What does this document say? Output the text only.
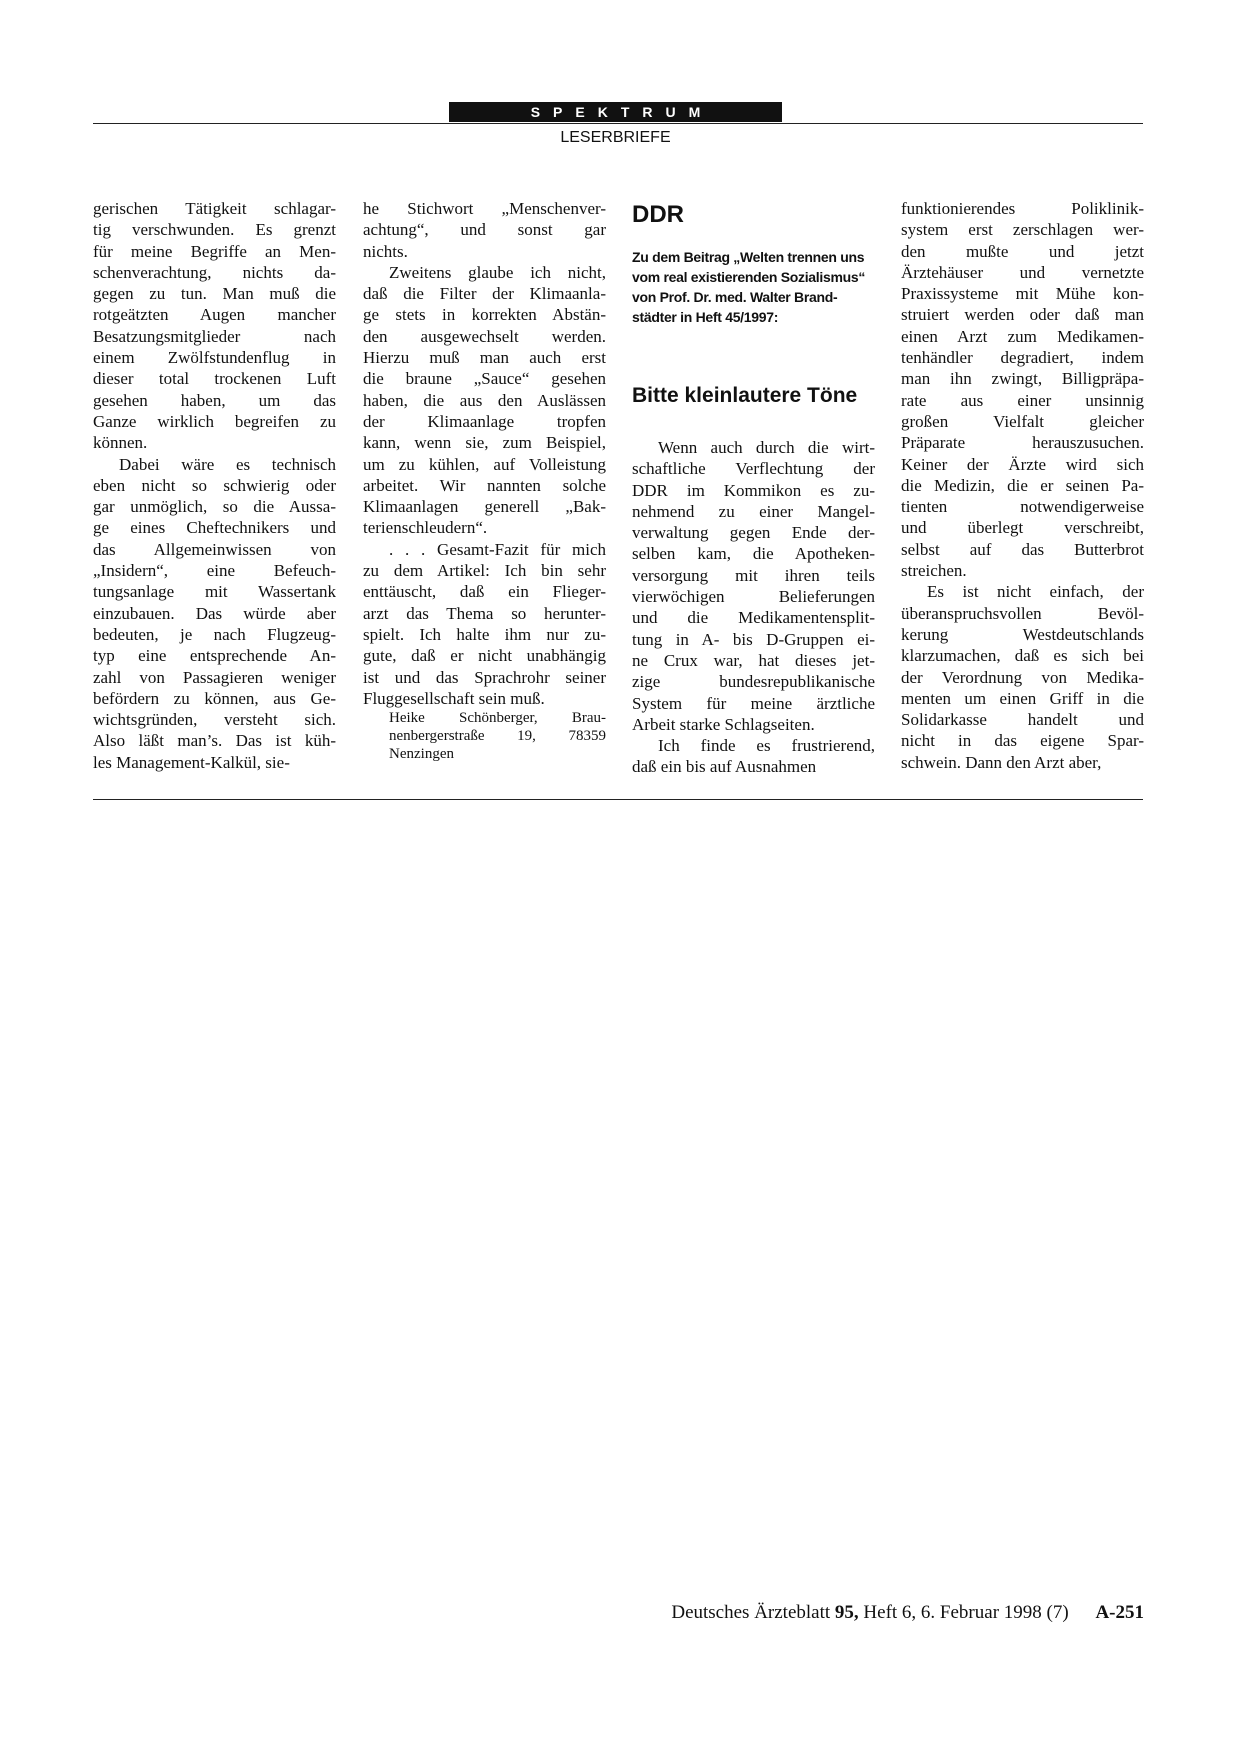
SPEKTRUM
LESERBRIEFE
gerischen Tätigkeit schlagar-
tig verschwunden. Es grenzt
für meine Begriffe an Men-
schenverachtung, nichts da-
gegen zu tun. Man muß die
rotgeätzten Augen mancher
Besatzungsmitglieder nach
einem Zwölfstundenflug in
dieser total trockenen Luft
gesehen haben, um das
Ganze wirklich begreifen zu
können.
Dabei wäre es technisch
eben nicht so schwierig oder
gar unmöglich, so die Aussa-
ge eines Cheftechnikers und
das Allgemeinwissen von
„Insidern“, eine Befeuch-
tungsanlage mit Wassertank
einzubauen. Das würde aber
bedeuten, je nach Flugzeug-
typ eine entsprechende An-
zahl von Passagieren weniger
befördern zu können, aus Ge-
wichtsgründen, versteht sich.
Also läßt man’s. Das ist küh-
les Management-Kalkül, sie-
he Stichwort „Menschenver-
achtung“, und sonst gar
nichts.
Zweitens glaube ich nicht,
daß die Filter der Klimaanla-
ge stets in korrekten Abstän-
den ausgewechselt werden.
Hierzu muß man auch erst
die braune „Sauce“ gesehen
haben, die aus den Auslässen
der Klimaanlage tropfen
kann, wenn sie, zum Beispiel,
um zu kühlen, auf Volleistung
arbeitet. Wir nannten solche
Klimaanlagen generell „Bak-
terienschleudern“.
. . . Gesamt-Fazit für mich
zu dem Artikel: Ich bin sehr
enttäuscht, daß ein Flieger-
arzt das Thema so herunter-
spielt. Ich halte ihm nur zu-
gute, daß er nicht unabhängig
ist und das Sprachrohr seiner
Fluggesellschaft sein muß.
Heike Schönberger, Brau-
nenbergerstraße 19, 78359
Nenzingen
DDR
Zu dem Beitrag „Welten trennen uns
vom real existierenden Sozialismus“
von Prof. Dr. med. Walter Brand-
städter in Heft 45/1997:
Bitte kleinlautere Töne
Wenn auch durch die wirt-
schaftliche Verflechtung der
DDR im Kommikon es zu-
nehmend zu einer Mangel-
verwaltung gegen Ende der-
selben kam, die Apotheken-
versorgung mit ihren teils
vierwöchigen Belieferungen
und die Medikamentensplit-
tung in A- bis D-Gruppen ei-
ne Crux war, hat dieses jet-
zige bundesrepublikanische
System für meine ärztliche
Arbeit starke Schlagseiten.
Ich finde es frustrierend,
daß ein bis auf Ausnahmen
funktionierendes Poliklinik-
system erst zerschlagen wer-
den mußte und jetzt
Ärztehäuser und vernetzte
Praxissysteme mit Mühe kon-
struiert werden oder daß man
einen Arzt zum Medikamen-
tenhändler degradiert, indem
man ihn zwingt, Billigpräpa-
rate aus einer unsinnig
großen Vielfalt gleicher
Präparate herauszusuchen.
Keiner der Ärzte wird sich
die Medizin, die er seinen Pa-
tienten notwendigerweise
und überlegt verschreibt,
selbst auf das Butterbrot
streichen.
Es ist nicht einfach, der
überanspruchsvollen Bevöl-
kerung Westdeutschlands
klarzumachen, daß es sich bei
der Verordnung von Medika-
menten um einen Griff in die
Solidarkasse handelt und
nicht in das eigene Spar-
schwein. Dann den Arzt aber,
Deutsches Ärzteblatt 95, Heft 6, 6. Februar 1998 (7) A-251
